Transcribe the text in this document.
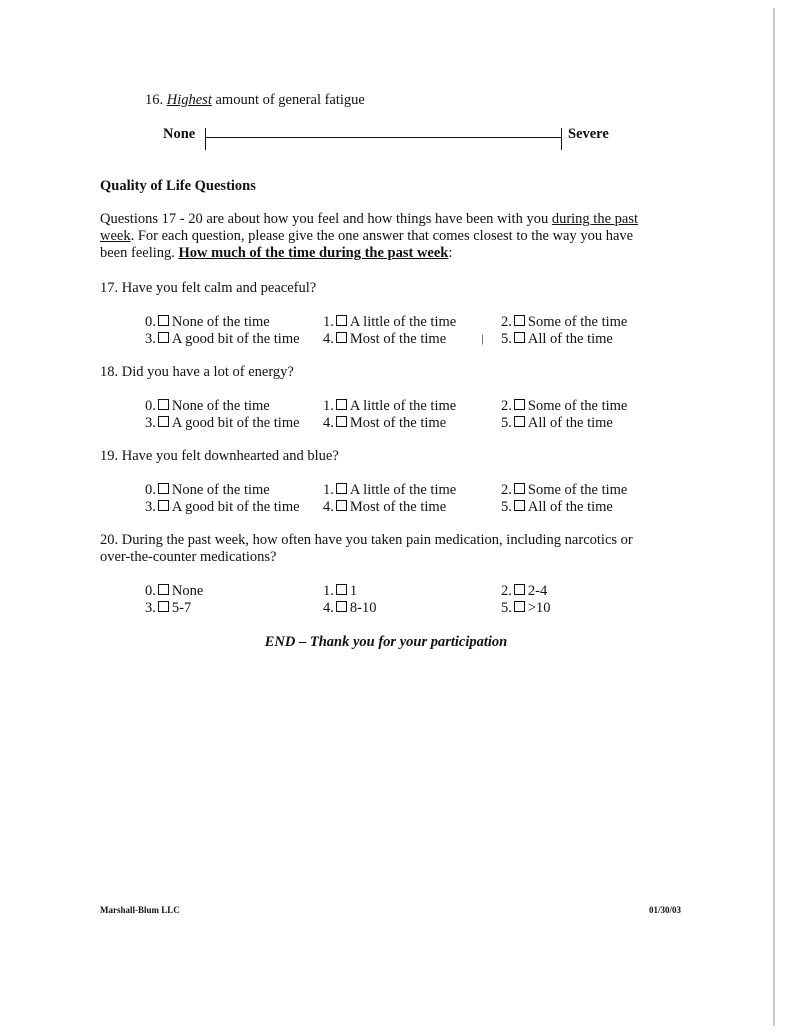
16. Highest amount of general fatigue
None	Severe
Quality of Life Questions
Questions 17 - 20 are about how you feel and how things have been with you during the past week. For each question, please give the one answer that comes closest to the way you have been feeling. How much of the time during the past week:
17. Have you felt calm and peaceful?
0. None of the time	1. A little of the time	2. Some of the time
3. A good bit of the time 4. Most of the time	5. All of the time
/
18. Did you have a lot of energy?
0. None of the time	1. A little of the time	2. Some of the time
3. A good bit of the time 4. Most of the time	5. All of the time
19. Have you felt downhearted and blue?
0. None of the time	1. A little of the time	2. Some of the time
3. A good bit of the time 4. Most of the time	5. All of the time
20. During the past week, how often have you taken pain medication, including narcotics or over-the-counter medications?
0. None	1. 1	2. 2-4
3. 5-7	4. 8-10	5. >10
END – Thank you for your participation
Marshall-Blum LLC	01/30/03
